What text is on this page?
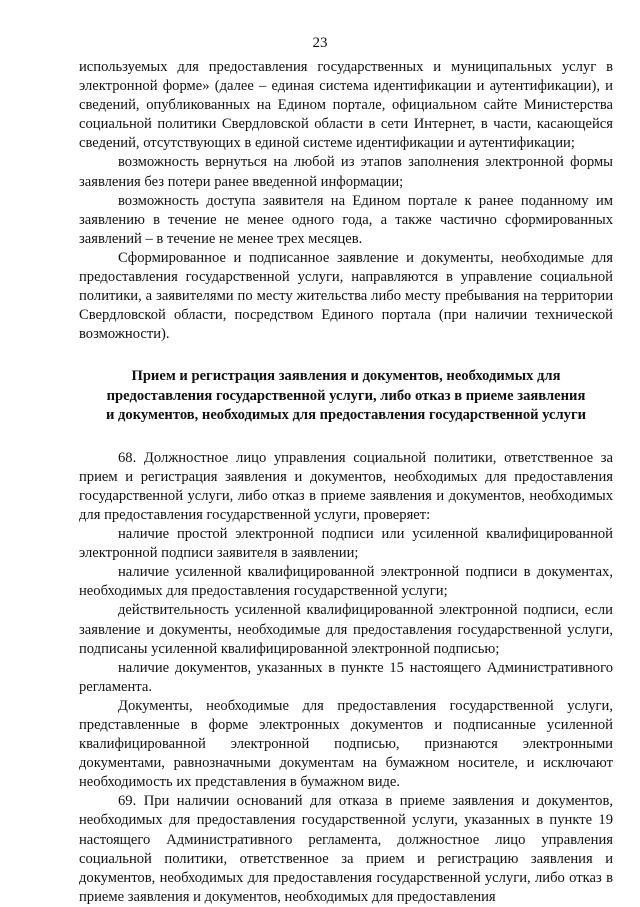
23

используемых для предоставления государственных и муниципальных услуг в электронной форме» (далее – единая система идентификации и аутентификации), и сведений, опубликованных на Едином портале, официальном сайте Министерства социальной политики Свердловской области в сети Интернет, в части, касающейся сведений, отсутствующих в единой системе идентификации и аутентификации;

возможность вернуться на любой из этапов заполнения электронной формы заявления без потери ранее введенной информации;

возможность доступа заявителя на Едином портале к ранее поданному им заявлению в течение не менее одного года, а также частично сформированных заявлений – в течение не менее трех месяцев.

Сформированное и подписанное заявление и документы, необходимые для предоставления государственной услуги, направляются в управление социальной политики, а заявителями по месту жительства либо месту пребывания на территории Свердловской области, посредством Единого портала (при наличии технической возможности).

Прием и регистрация заявления и документов, необходимых для
предоставления государственной услуги, либо отказ в приеме заявления
и документов, необходимых для предоставления государственной услуги

68. Должностное лицо управления социальной политики, ответственное за прием и регистрация заявления и документов, необходимых для предоставления государственной услуги, либо отказ в приеме заявления и документов, необходимых для предоставления государственной услуги, проверяет:

наличие простой электронной подписи или усиленной квалифицированной электронной подписи заявителя в заявлении;

наличие усиленной квалифицированной электронной подписи в документах, необходимых для предоставления государственной услуги;

действительность усиленной квалифицированной электронной подписи, если заявление и документы, необходимые для предоставления государственной услуги, подписаны усиленной квалифицированной электронной подписью;

наличие документов, указанных в пункте 15 настоящего Административного регламента.

Документы, необходимые для предоставления государственной услуги, представленные в форме электронных документов и подписанные усиленной квалифицированной электронной подписью, признаются электронными документами, равнозначными документам на бумажном носителе, и исключают необходимость их представления в бумажном виде.

69. При наличии оснований для отказа в приеме заявления и документов, необходимых для предоставления государственной услуги, указанных в пункте 19 настоящего Административного регламента, должностное лицо управления социальной политики, ответственное за прием и регистрацию заявления и документов, необходимых для предоставления государственной услуги, либо отказ в приеме заявления и документов, необходимых для предоставления
